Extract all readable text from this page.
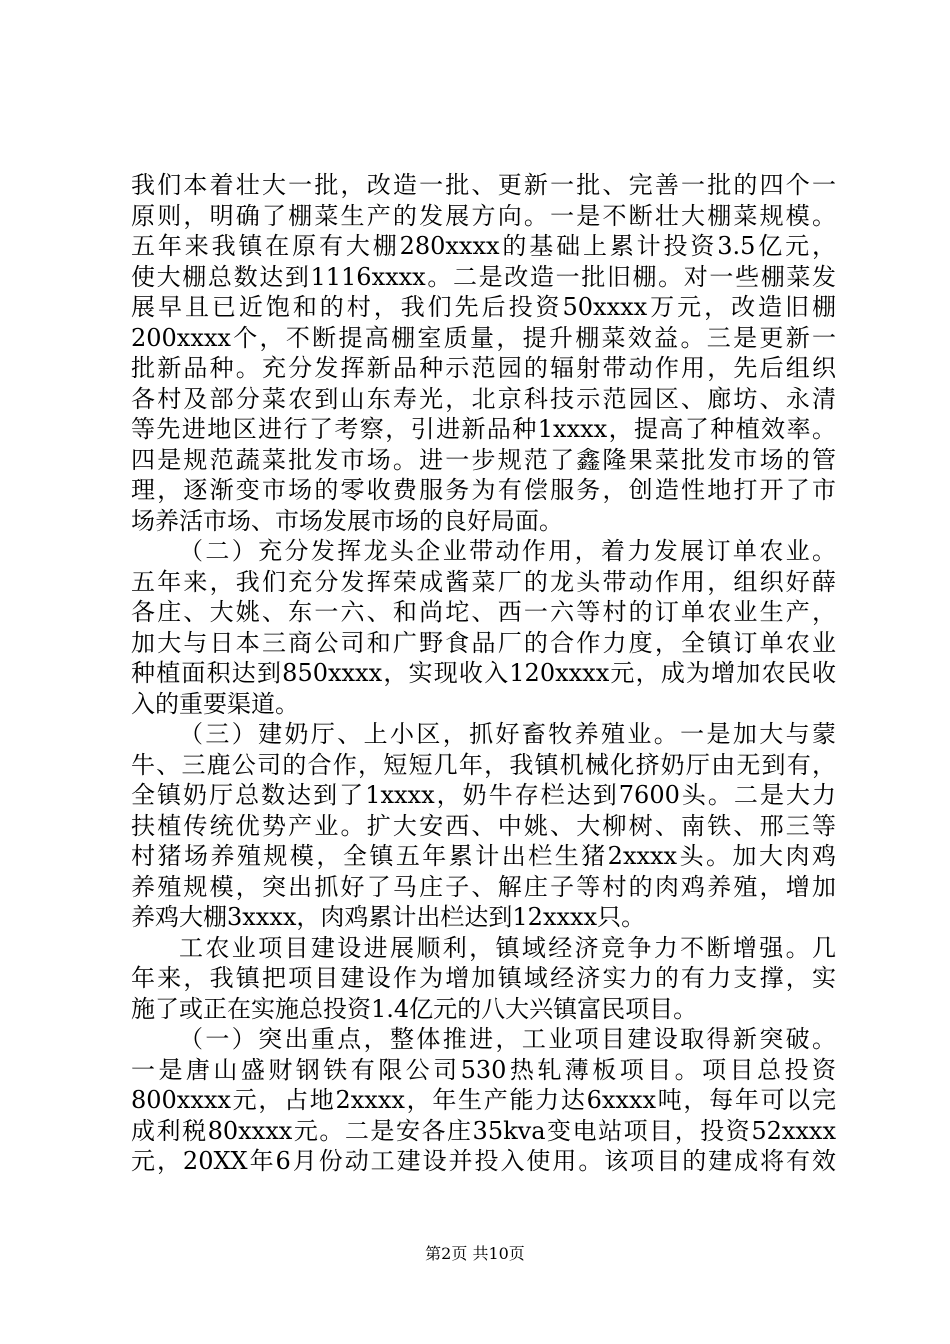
我们本着壮大一批，改造一批、更新一批、完善一批的四个一
原则，明确了棚菜生产的发展方向。一是不断壮大棚菜规模。
五年来我镇在原有大棚280xxxx的基础上累计投资3.5亿元，
使大棚总数达到1116xxxx。二是改造一批旧棚。对一些棚菜发
展早且已近饱和的村，我们先后投资50xxxx万元，改造旧棚
200xxxx个，不断提高棚室质量，提升棚菜效益。三是更新一
批新品种。充分发挥新品种示范园的辐射带动作用，先后组织
各村及部分菜农到山东寿光，北京科技示范园区、廊坊、永清
等先进地区进行了考察，引进新品种1xxxx，提高了种植效率。
四是规范蔬菜批发市场。进一步规范了鑫隆果菜批发市场的管
理，逐渐变市场的零收费服务为有偿服务，创造性地打开了市
场养活市场、市场发展市场的良好局面。
（二）充分发挥龙头企业带动作用，着力发展订单农业。
五年来，我们充分发挥荣成酱菜厂的龙头带动作用，组织好薛
各庄、大姚、东一六、和尚坨、西一六等村的订单农业生产，
加大与日本三商公司和广野食品厂的合作力度，全镇订单农业
种植面积达到850xxxx，实现收入120xxxx元，成为增加农民收
入的重要渠道。
（三）建奶厅、上小区，抓好畜牧养殖业。一是加大与蒙
牛、三鹿公司的合作，短短几年，我镇机械化挤奶厅由无到有，
全镇奶厅总数达到了1xxxx，奶牛存栏达到7600头。二是大力
扶植传统优势产业。扩大安西、中姚、大柳树、南铁、邢三等
村猪场养殖规模，全镇五年累计出栏生猪2xxxx头。加大肉鸡
养殖规模，突出抓好了马庄子、解庄子等村的肉鸡养殖，增加
养鸡大棚3xxxx，肉鸡累计出栏达到12xxxx只。
工农业项目建设进展顺利，镇域经济竞争力不断增强。几
年来，我镇把项目建设作为增加镇域经济实力的有力支撑，实
施了或正在实施总投资1.4亿元的八大兴镇富民项目。
（一）突出重点，整体推进，工业项目建设取得新突破。
一是唐山盛财钢铁有限公司530热轧薄板项目。项目总投资
800xxxx元，占地2xxxx，年生产能力达6xxxx吨，每年可以完
成利税80xxxx元。二是安各庄35kva变电站项目，投资52xxxx
元，20XX年6月份动工建设并投入使用。该项目的建成将有效
第2页 共10页
